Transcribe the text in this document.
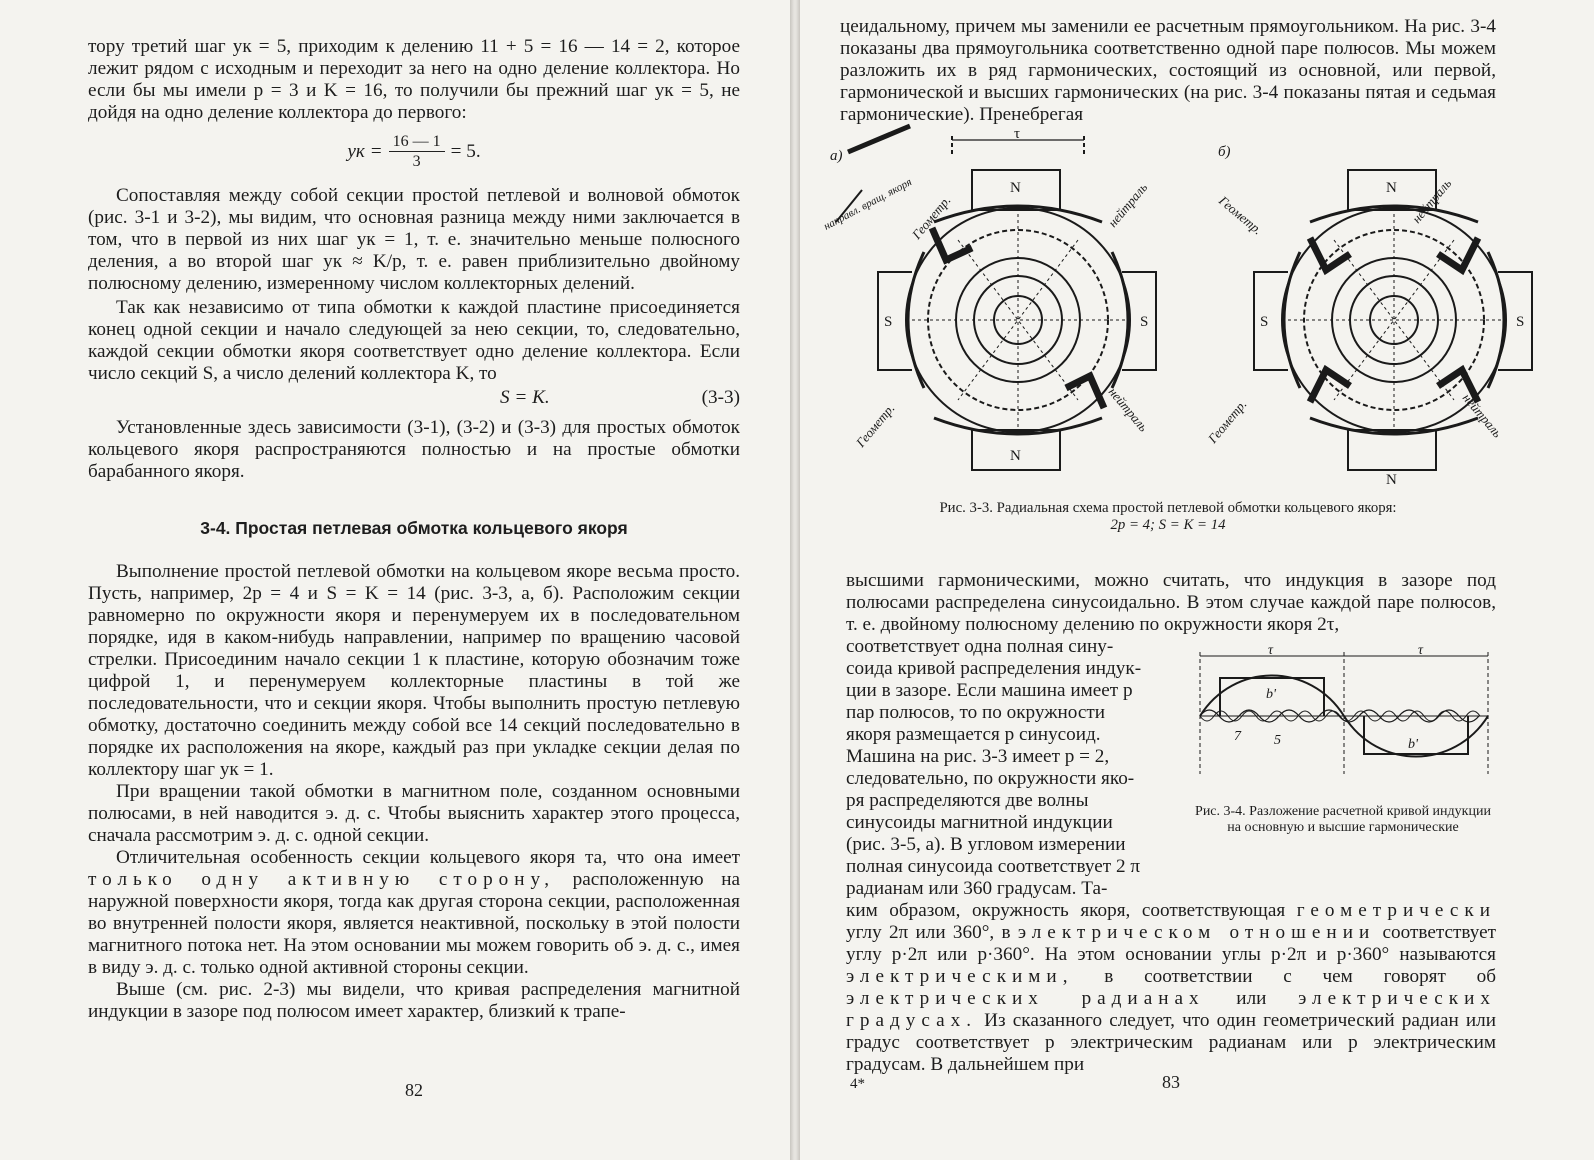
тору третий шаг yк = 5, приходим к делению 11 + 5 = 16 — 14 = 2, которое лежит рядом с исходным и переходит за него на одно деление коллектора. Но если бы мы имели p = 3 и K = 16, то получили бы прежний шаг yк = 5, не дойдя на одно деление коллектора до первого:

yк = $\frac{16 — 1}{3} = 5$.

Сопоставляя между собой секции простой петлевой и волновой обмоток (рис. 3-1 и 3-2), мы видим, что основная разница между ними заключается в том, что в первой из них шаг yк = 1, т. е. значительно меньше полюсного деления, а во второй шаг yк ≈ K/p, т. е. равен приблизительно двойному полюсному делению, измеренному числом коллекторных делений.

Так как независимо от типа обмотки к каждой пластине присоединяется конец одной секции и начало следующей за нею секции, то, следовательно, каждой секции обмотки якоря соответствует одно деление коллектора. Если число секций S, а число делений коллектора K, то

S = K.	(3-3)

Установленные здесь зависимости (3-1), (3-2) и (3-3) для простых обмоток кольцевого якоря распространяются полностью и на простые обмотки барабанного якоря.

3-4. Простая петлевая обмотка кольцевого якоря

Выполнение простой петлевой обмотки на кольцевом якоре весьма просто. Пусть, например, 2p = 4 и S = K = 14 (рис. 3-3, а, б). Расположим секции равномерно по окружности якоря и перенумеруем их в последовательном порядке, идя в каком-нибудь направлении, например по вращению часовой стрелки. Присоединим начало секции 1 к пластине, которую обозначим тоже цифрой 1, и перенумеруем коллекторные пластины в той же последовательности, что и секции якоря. Чтобы выполнить простую петлевую обмотку, достаточно соединить между собой все 14 секций последовательно в порядке их расположения на якоре, каждый раз при укладке секции делая по коллектору шаг yк = 1.

При вращении такой обмотки в магнитном поле, созданном основными полюсами, в ней наводится э. д. с. Чтобы выяснить характер этого процесса, сначала рассмотрим э. д. с. одной секции.

Отличительная особенность секции кольцевого якоря та, что она имеет только одну активную сторону, расположенную на наружной поверхности якоря, тогда как другая сторона секции, расположенная во внутренней полости якоря, является неактивной, поскольку в этой полости магнитного потока нет. На этом основании мы можем говорить об э. д. с., имея в виду э. д. с. только одной активной стороны секции.

Выше (см. рис. 2-3) мы видели, что кривая распределения магнитной индукции в зазоре под полюсом имеет характер, близкий к трапе-

82

цеидальному, причем мы заменили ее расчетным прямоугольником. На рис. 3-4 показаны два прямоугольника соответственно одной паре полюсов. Мы можем разложить их в ряд гармонических, состоящий из основной, или первой, гармонической и высших гармонических (на рис. 3-4 показаны пятая и седьмая гармонические). Пренебрегая

а)	б)
τ
N
N
S	S
N
N
S	S
Геометр.	нейтраль
нейтраль
Геометр.
направл. вращ. якоря	Геометр.	нейтраль
нейтраль
Геометр.
Рис. 3-3. Радиальная схема простой петлевой обмотки кольцевого якоря:
2p = 4; S = K = 14

высшими гармоническими, можно считать, что индукция в зазоре под полюсами распределена синусоидально. В этом случае каждой паре полюсов, т. е. двойному полюсному делению по окружности якоря 2τ,

соответствует одна полная сину-
соида кривой распределения индук-
ции в зазоре. Если машина имеет p
пар полюсов, то по окружности
якоря размещается p синусоид.
Машина на рис. 3-3 имеет p = 2,
следовательно, по окружности яко-
ря распределяются две волны
синусоиды магнитной индукции
(рис. 3-5, а). В угловом измерении
полная синусоида соответствует 2 π
радианам или 360 градусам. Та-
τ	τ
b'
b'
7 5
Рис. 3-4. Разложение расчетной кривой индукции на основную и высшие гармонические

ким образом, окружность якоря, соответствующая геометрически углу 2π или 360°, в электрическом отношении соответствует углу p·2π или p·360°. На этом основании углы p·2π и p·360° называются электрическими, в соответствии с чем говорят об электрических радианах или электрических градусах. Из сказанного следует, что один геометрический радиан или градус соответствует p электрическим радианам или p электрическим градусам. В дальнейшем при

4*	83
